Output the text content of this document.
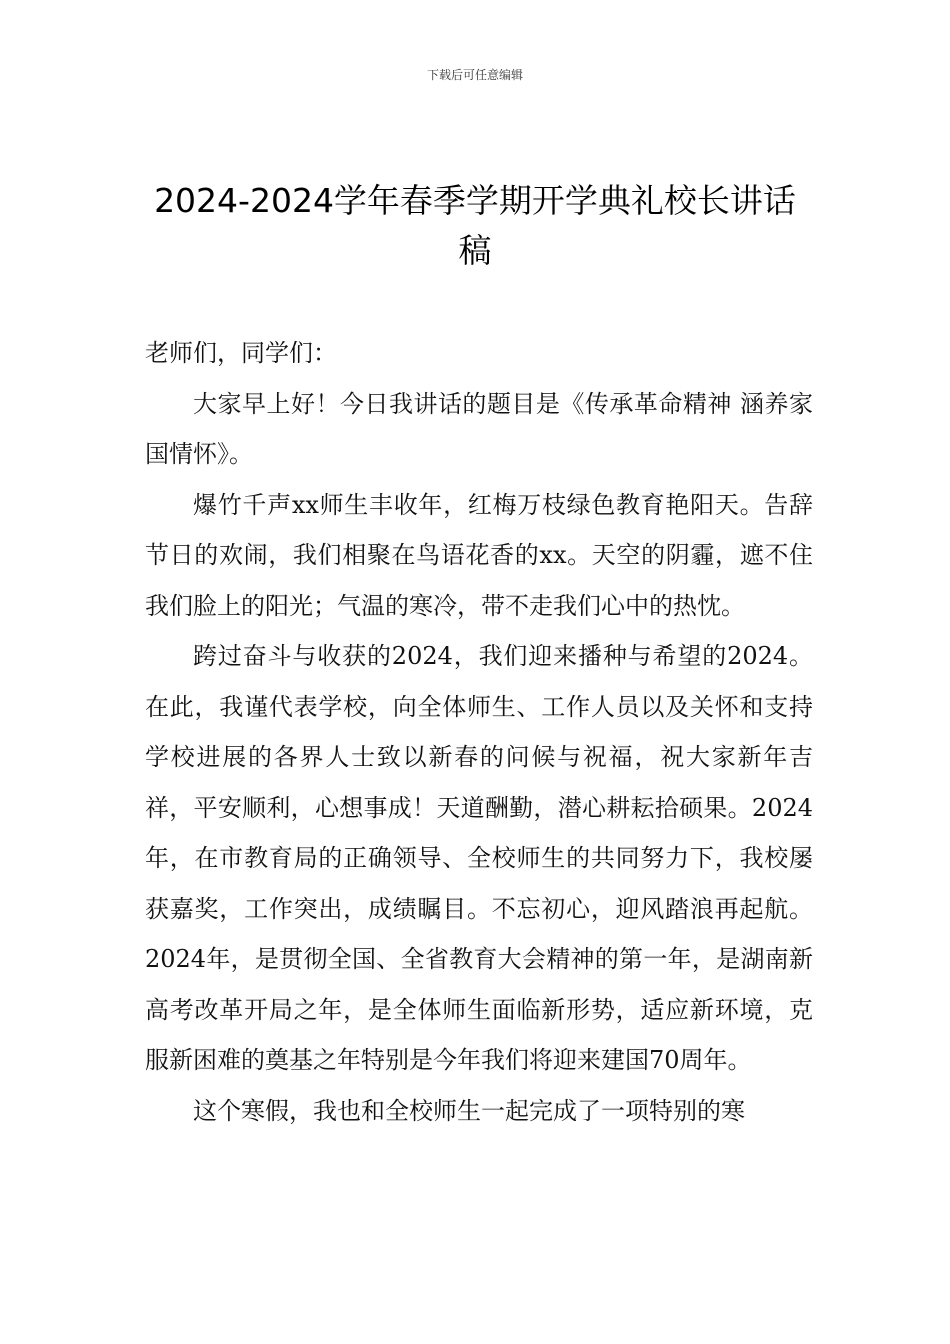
下载后可任意编辑
2024-2024学年春季学期开学典礼校长讲话稿

老师们，同学们：

大家早上好！今日我讲话的题目是《传承革命精神 涵养家国情怀》。

爆竹千声xx师生丰收年，红梅万枝绿色教育艳阳天。告辞节日的欢闹，我们相聚在鸟语花香的xx。天空的阴霾，遮不住我们脸上的阳光；气温的寒冷，带不走我们心中的热忱。

跨过奋斗与收获的2024，我们迎来播种与希望的2024。在此，我谨代表学校，向全体师生、工作人员以及关怀和支持学校进展的各界人士致以新春的问候与祝福，祝大家新年吉祥，平安顺利，心想事成！天道酬勤，潜心耕耘拾硕果。2024年，在市教育局的正确领导、全校师生的共同努力下，我校屡获嘉奖，工作突出，成绩瞩目。不忘初心，迎风踏浪再起航。2024年，是贯彻全国、全省教育大会精神的第一年，是湖南新高考改革开局之年，是全体师生面临新形势，适应新环境，克服新困难的奠基之年特别是今年我们将迎来建国70周年。

这个寒假，我也和全校师生一起完成了一项特别的寒
